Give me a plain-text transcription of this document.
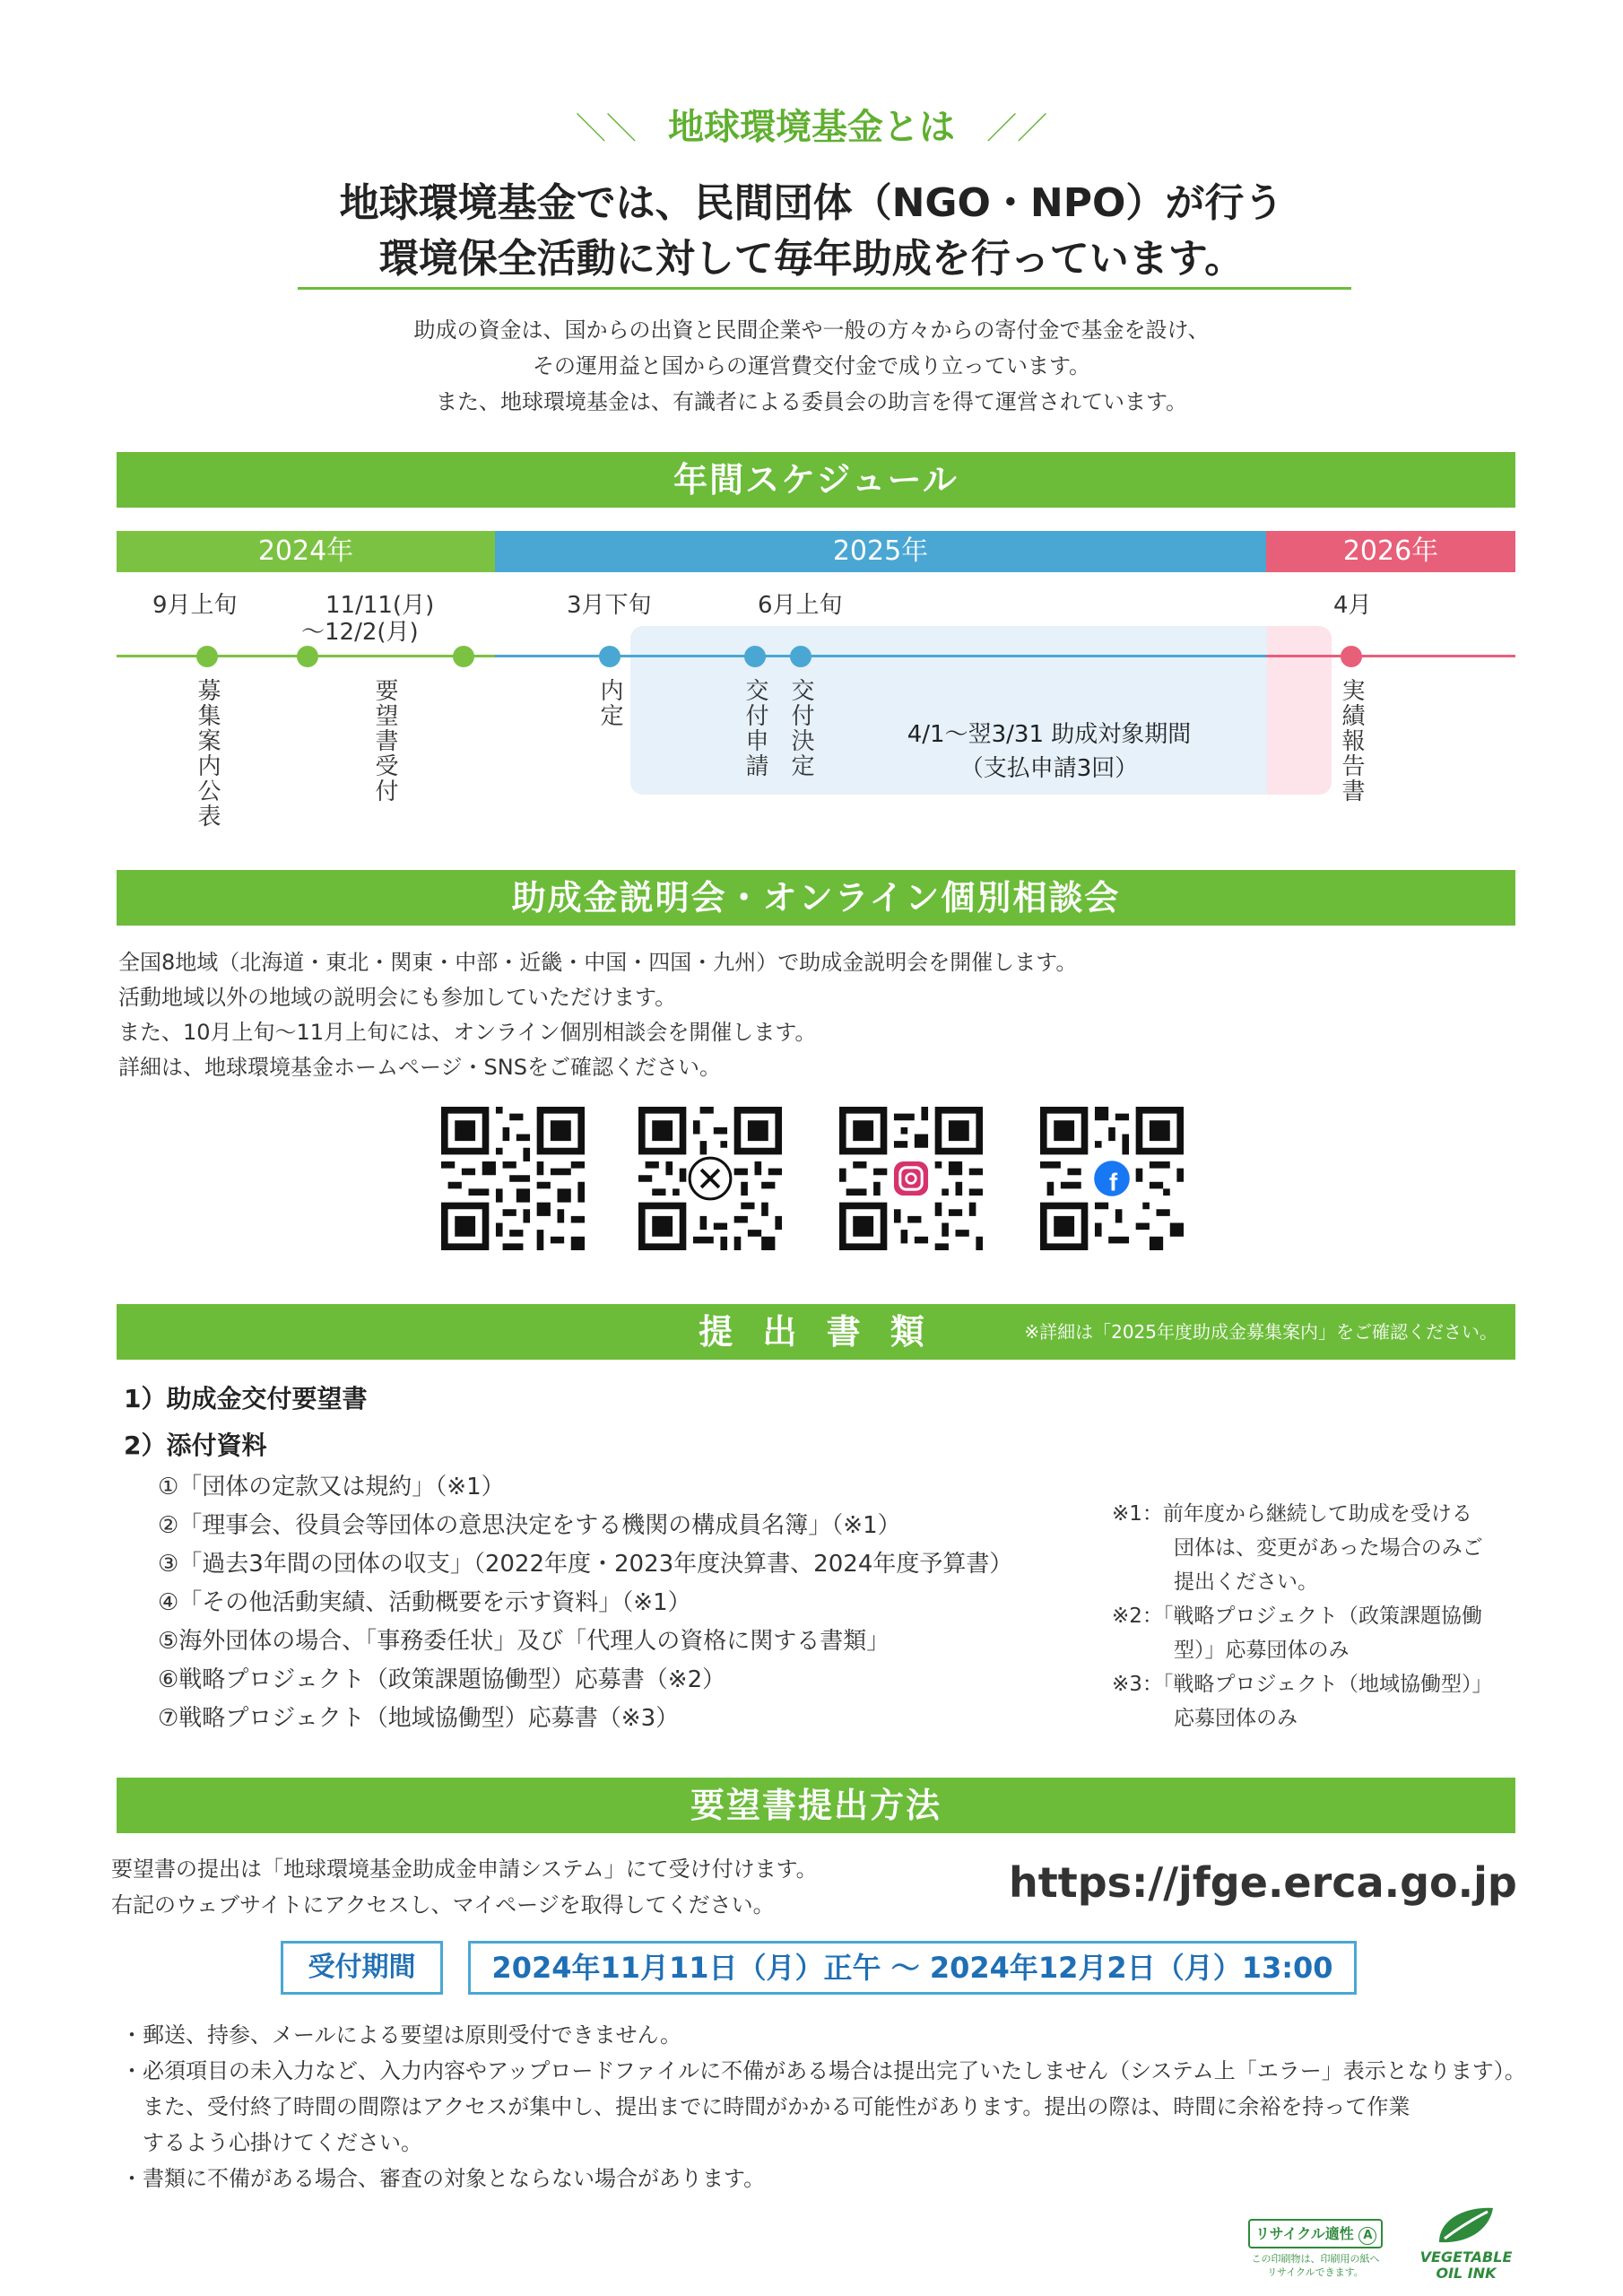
＼＼ 地球環境基金とは ／／
地球環境基金では、民間団体（NGO・NPO）が行う
環境保全活動に対して毎年助成を行っています。
助成の資金は、国からの出資と民間企業や一般の方々からの寄付金で基金を設け、
その運用益と国からの運営費交付金で成り立っています。
また、地球環境基金は、有識者による委員会の助言を得て運営されています。
年間スケジュール
2024年	2025年	2026年
9月上旬	11/11(月)
〜12/2(月)
3月下旬	6月上旬	4月
募集案内公表	要望書受付	内定	交付申請 交付決定	実績報告書
4/1〜翌3/31 助成対象期間
（支払申請3回）
助成金説明会・オンライン個別相談会
全国8地域（北海道・東北・関東・中部・近畿・中国・四国・九州）で助成金説明会を開催します。
活動地域以外の地域の説明会にも参加していただけます。
また、10月上旬〜11月上旬には、オンライン個別相談会を開催します。
詳細は、地球環境基金ホームページ・SNSをご確認ください。
f
提 出 書 類	※詳細は「2025年度助成金募集案内」をご確認ください。
1）助成金交付要望書
2）添付資料
①「団体の定款又は規約」（※1）
②「理事会、役員会等団体の意思決定をする機関の構成員名簿」（※1）
③「過去3年間の団体の収支」（2022年度・2023年度決算書、2024年度予算書）
④「その他活動実績、活動概要を示す資料」（※1）
⑤海外団体の場合、「事務委任状」及び「代理人の資格に関する書類」
⑥戦略プロジェクト（政策課題協働型）応募書（※2）
⑦戦略プロジェクト（地域協働型）応募書（※3）
※1：前年度から継続して助成を受ける
　　　団体は、変更があった場合のみご
　　　提出ください。
※2：「戦略プロジェクト（政策課題協働
　　　型）」応募団体のみ
※3：「戦略プロジェクト（地域協働型）」
　　　応募団体のみ
要望書提出方法
要望書の提出は「地球環境基金助成金申請システム」にて受け付けます。
右記のウェブサイトにアクセスし、マイページを取得してください。	https://jfge.erca.go.jp
受付期間	2024年11月11日（月）正午 〜 2024年12月2日（月）13:00
・郵送、持参、メールによる要望は原則受付できません。
・必須項目の未入力など、入力内容やアップロードファイルに不備がある場合は提出完了いたしません（システム上「エラー」表示となります）。
　また、受付終了時間の間際はアクセスが集中し、提出までに時間がかかる可能性があります。提出の際は、時間に余裕を持って作業
　するよう心掛けてください。
・書類に不備がある場合、審査の対象とならない場合があります。
リサイクル適性 A
この印刷物は、印刷用の紙へ
リサイクルできます。
VEGETABLE
OIL INK
